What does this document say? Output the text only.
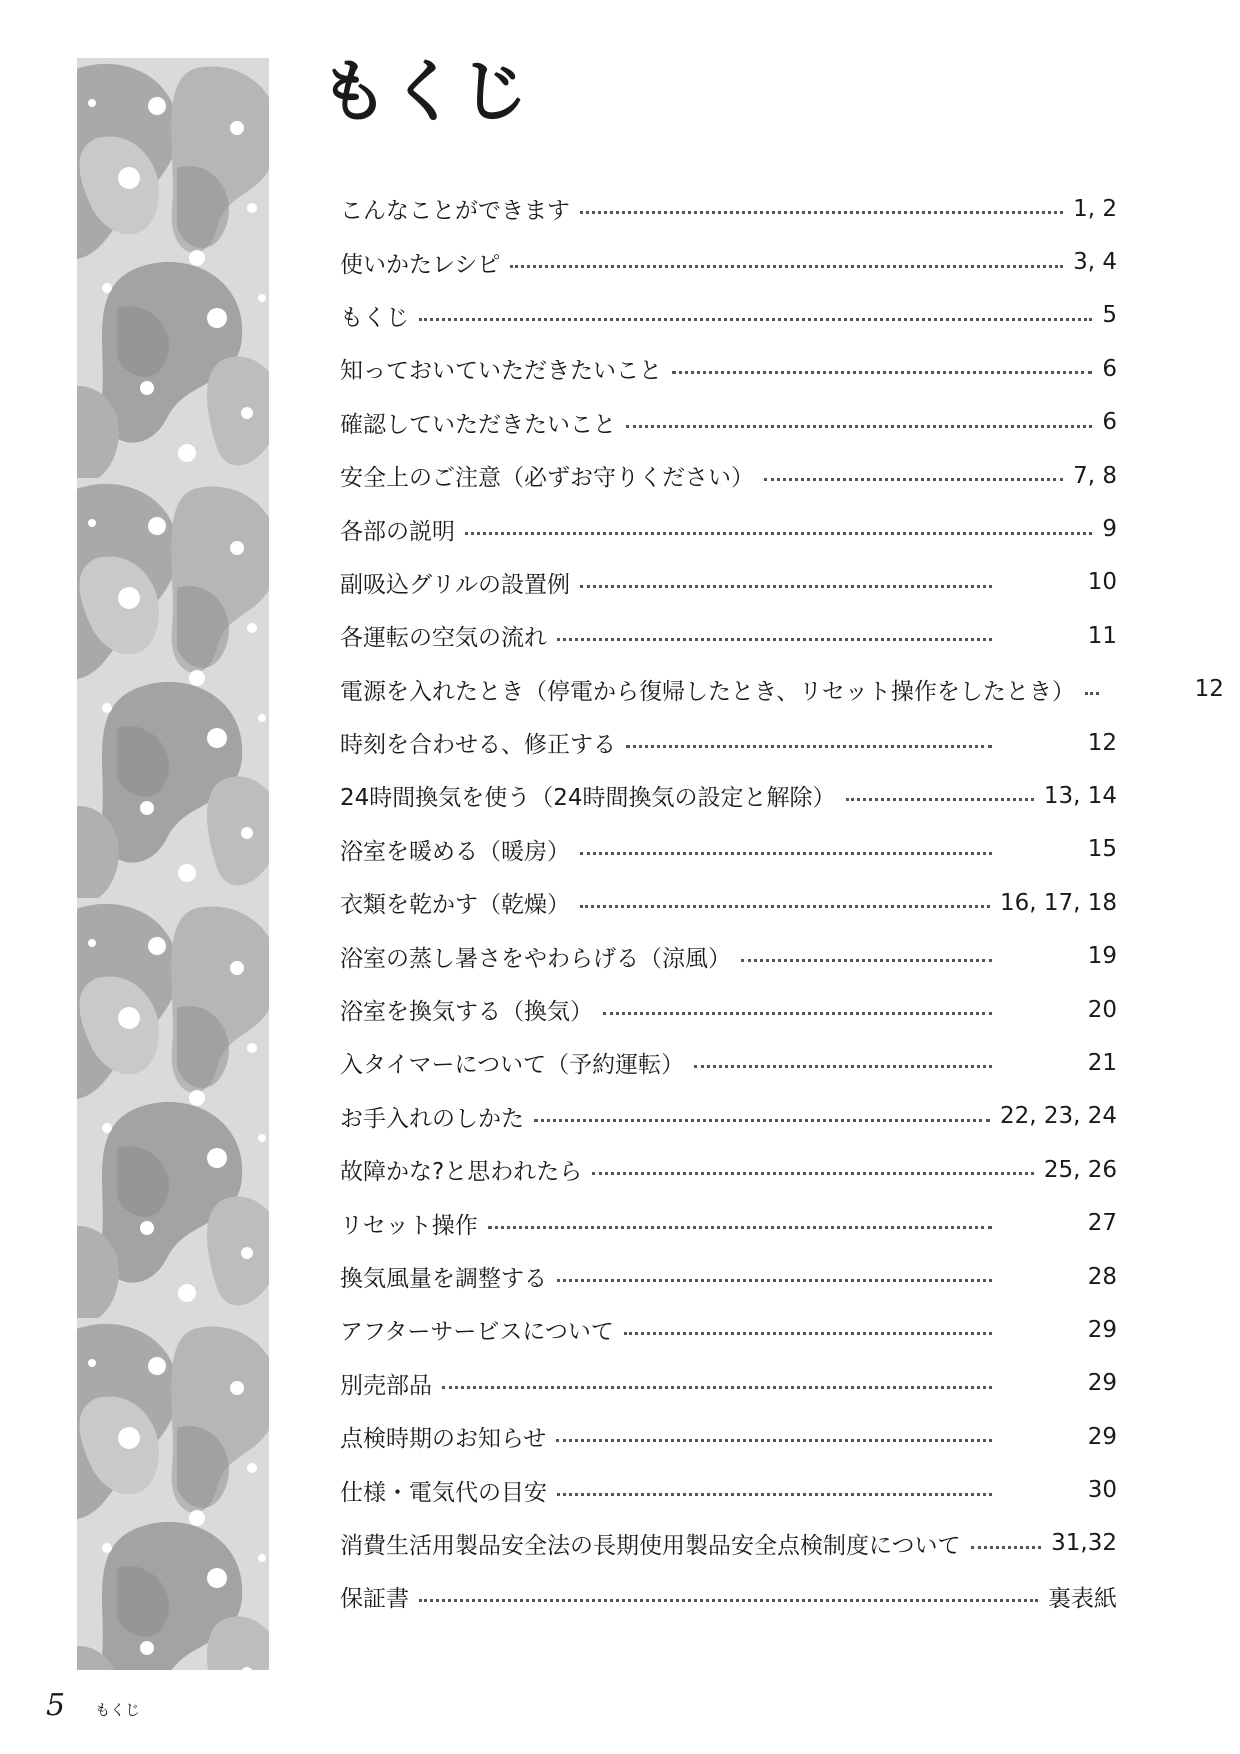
もくじ
こんなことができます	1, 2
使いかたレシピ	3, 4
もくじ	5
知っておいていただきたいこと	6
確認していただきたいこと	6
安全上のご注意（必ずお守りください）	7, 8
各部の説明	9
副吸込グリルの設置例	10
各運転の空気の流れ	11
電源を入れたとき（停電から復帰したとき、リセット操作をしたとき）	12
時刻を合わせる、修正する	12
24時間換気を使う（24時間換気の設定と解除）	13, 14
浴室を暖める（暖房）	15
衣類を乾かす（乾燥）	16, 17, 18
浴室の蒸し暑さをやわらげる（涼風）	19
浴室を換気する（換気）	20
入タイマーについて（予約運転）	21
お手入れのしかた	22, 23, 24
故障かな?と思われたら	25, 26
リセット操作	27
換気風量を調整する	28
アフターサービスについて	29
別売部品	29
点検時期のお知らせ	29
仕様・電気代の目安	30
消費生活用製品安全法の長期使用製品安全点検制度について	31,32
保証書	裏表紙
5 もくじ
